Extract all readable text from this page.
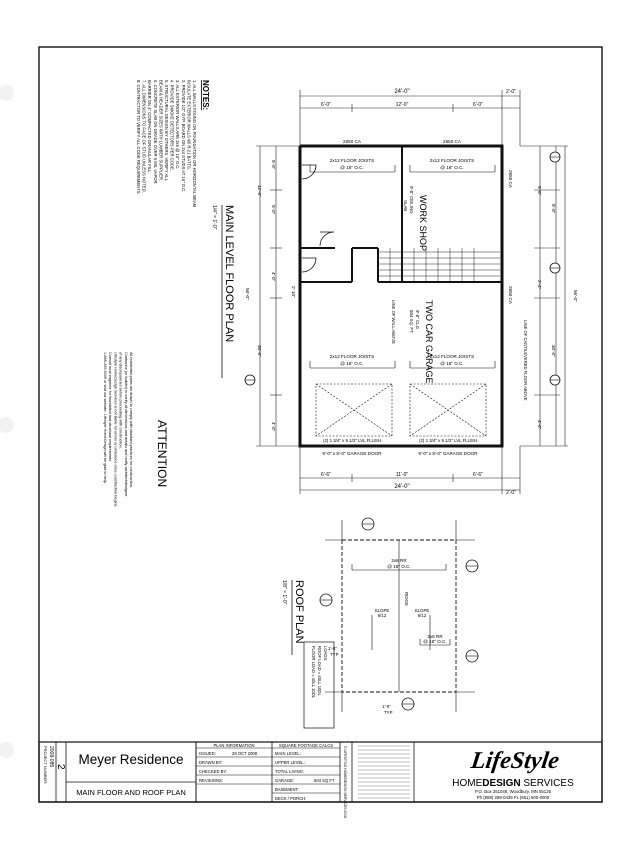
NOTES:
1. ALL WALLS FOUND ON FOUNDATION OR HORIZONTAL BEAM
INSULATE EXTERIOR WALLS W/ R-21 BATTS.
2. PROVIDE 1/2" GYP. BOARD ON 2x4 STUDS AT 16" O.C.
3. ALL EXTERIOR WALLS ARE 2x6 @ 16" O.C.
4. PROVIDE SMOKE DETECTORS PER CODE.
5. STRUCTURAL DESIGN BY OTHERS. VERIFY ALL
BEAM & HEADER SIZES WITH LUMBER SUPPLIER.
6. CONCRETE SLAB ON GRADE OVER 6 MIL VAPOR
BARRIER ON 4" COMPACTED GRANULAR FILL.
7. ALL DIMENSIONS TO FACE OF STUD UNLESS NOTED.
8. CONTRACTOR TO VERIFY ALL CODE REQUIREMENTS.	24'-0"	2'-0"
6'-0"	12'-0"	6'-0"
6'-6"	11'-0"	6'-6"
24'-0"
2'-0"
5'-0"
12'-0"
5'-0"
4'-0"
30'-0"
56'-0"
4'-0"
2'-10"
5'-8"
8'-0"
2'-4"
56'-0"
30'-0"
4'-0"
2650 CA	2650 CA
2650 CA
2650 CA
2x12 FLOOR JOISTS
@ 16" O.C.
2x12 FLOOR JOISTS
@ 16" O.C.
WORK SHOP
9'-0" CEILING
SLAB
TWO CAR GARAGE
9'-0" CLG
504 SQ. FT.
LINE OF WALL ABOVE	LINE OF CANTILEVERED FLOOR ABOVE
2x12 FLOOR JOISTS
@ 16" O.C.
2x12 FLOOR JOISTS
@ 16" O.C.
(2) 1 3/4" x 9 1/2" LVL FLUSH	(2) 1 3/4" x 9 1/2" LVL FLUSH
9'-0" x 8'-0" GARAGE DOOR	9'-0" x 8'-0" GARAGE DOOR
MAIN LEVEL FLOOR PLAN
1/4" = 1'-0"
ATTENTION
All residential plans are drawn to comply with standard practices for construction.
Contractor (or builder) to verify all dimensions and details and notify architect/designer
of any discrepancies before proceeding with construction.
Lifestyle HomeDesign Services is not liable for errors or omissions once construction begins.
Consult local engineer for foundation and structural requirements.
1-888-269-0439 or visit our website. Lifestyle HomeDesign will be glad to help.
2x8 RR
@ 16" O.C.
2x8 RR
@ 16" O.C.
SLOPE
6/12
SLOPE
6/12
RIDGE
1'-0"
TYP
1'-0"
TYP
ROOF PLAN
1/8" = 1'-0"
LOADS:
ROOF LOAD = 40LL 10DL
FLOOR LOAD = 40LL 10DL
PROJECT NUMBER: 2008-085 2 Meyer Residence
MAIN FLOOR AND ROOF PLAN
PLAN INFORMATION
ISSUED:	28 OCT 2008
DRAWN BY:
CHECKED BY:
REVISIONS:
SQUARE FOOTAGE CALCS
MAIN LEVEL:
UPPER LEVEL:
TOTAL LIVING:
GARAGE:	504 SQ FT
BASEMENT:
DECK / PORCH:	© LIFESTYLE HOMEDESIGN SERVICES 2008	LifeStyle
HOMEDESIGN SERVICES
P.O. Box 251049, Woodbury, MN 55125
Ph (888) 269-0439 Fx (651) 600-0000
